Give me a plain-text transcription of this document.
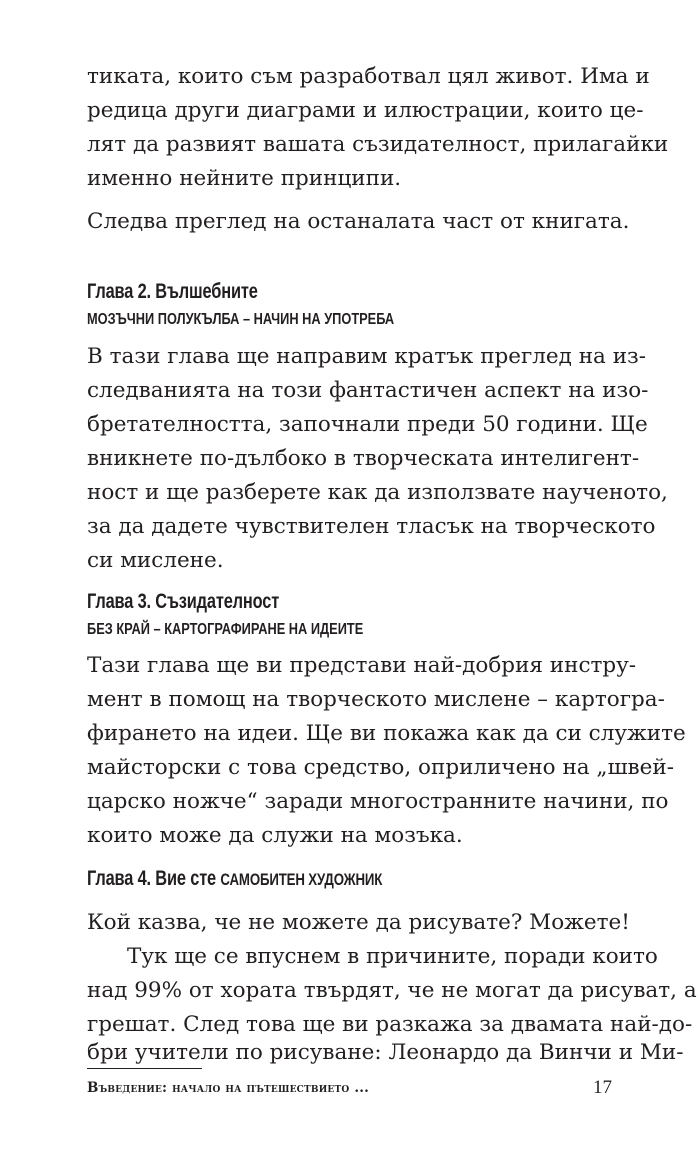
тиката, които съм разработвал цял живот. Има и
редица други диаграми и илюстрации, които це-
лят да развият вашата съзидателност, прилагайки
именно нейните принципи.
Следва преглед на останалата част от книгата.
Глава 2. Вълшебните
МОЗЪЧНИ ПОЛУКЪЛБА – НАЧИН НА УПОТРЕБА
В тази глава ще направим кратък преглед на из-
следванията на този фантастичен аспект на изо-
бретателността, започнали преди 50 години. Ще
вникнете по-дълбоко в творческата интелигент-
ност и ще разберете как да използвате наученото,
за да дадете чувствителен тласък на творческото
си мислене.
Глава 3. Съзидателност
БЕЗ КРАЙ – КАРТОГРАФИРАНЕ НА ИДЕИТЕ
Тази глава ще ви представи най-добрия инстру-
мент в помощ на творческото мислене – картогра-
фирането на идеи. Ще ви покажа как да си служите
майсторски с това средство, оприличено на „швей-
царско ножче“ заради многостранните начини, по
които може да служи на мозъка.
Глава 4. Вие сте САМОБИТЕН ХУДОЖНИК
Кой казва, че не можете да рисувате? Можете!
Тук ще се впуснем в причините, поради които
над 99% от хората твърдят, че не могат да рисуват, а
грешат. След това ще ви разкажа за двамата най-до-
бри учители по рисуване: Леонардо да Винчи и Ми-
Въведение: начало на пътешествието ...	17
